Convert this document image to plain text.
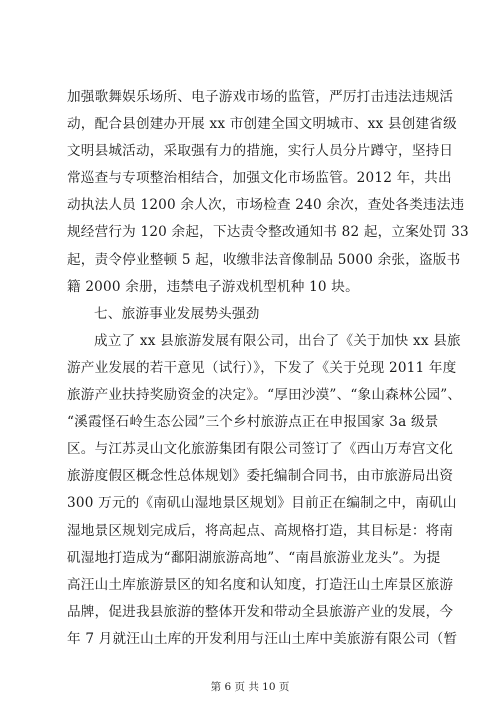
加强歌舞娱乐场所、电子游戏市场的监管，严厉打击违法违规活
动，配合县创建办开展 xx 市创建全国文明城市、xx 县创建省级
文明县城活动，采取强有力的措施，实行人员分片蹲守，坚持日
常巡查与专项整治相结合，加强文化市场监管。2012 年，共出
动执法人员 1200 余人次，市场检查 240 余次，查处各类违法违
规经营行为 120 余起，下达责令整改通知书 82 起，立案处罚 33
起，责令停业整顿 5 起，收缴非法音像制品 5000 余张，盗版书
籍 2000 余册，违禁电子游戏机型机种 10 块。
七、旅游事业发展势头强劲
成立了 xx 县旅游发展有限公司，出台了《关于加快 xx 县旅
游产业发展的若干意见（试行）》，下发了《关于兑现 2011 年度
旅游产业扶持奖励资金的决定》。“厚田沙漠”、“象山森林公园”、
“溪霞怪石岭生态公园”三个乡村旅游点正在申报国家 3a 级景
区。与江苏灵山文化旅游集团有限公司签订了《西山万寿宫文化
旅游度假区概念性总体规划》委托编制合同书，由市旅游局出资
300 万元的《南矶山湿地景区规划》目前正在编制之中，南矶山
湿地景区规划完成后，将高起点、高规格打造，其目标是：将南
矶湿地打造成为“鄱阳湖旅游高地”、“南昌旅游业龙头”。为提
高汪山土库旅游景区的知名度和认知度，打造汪山土库景区旅游
品牌，促进我县旅游的整体开发和带动全县旅游产业的发展，今
年 7 月就汪山土库的开发利用与汪山土库中美旅游有限公司（暂
第 6 页 共 10 页
